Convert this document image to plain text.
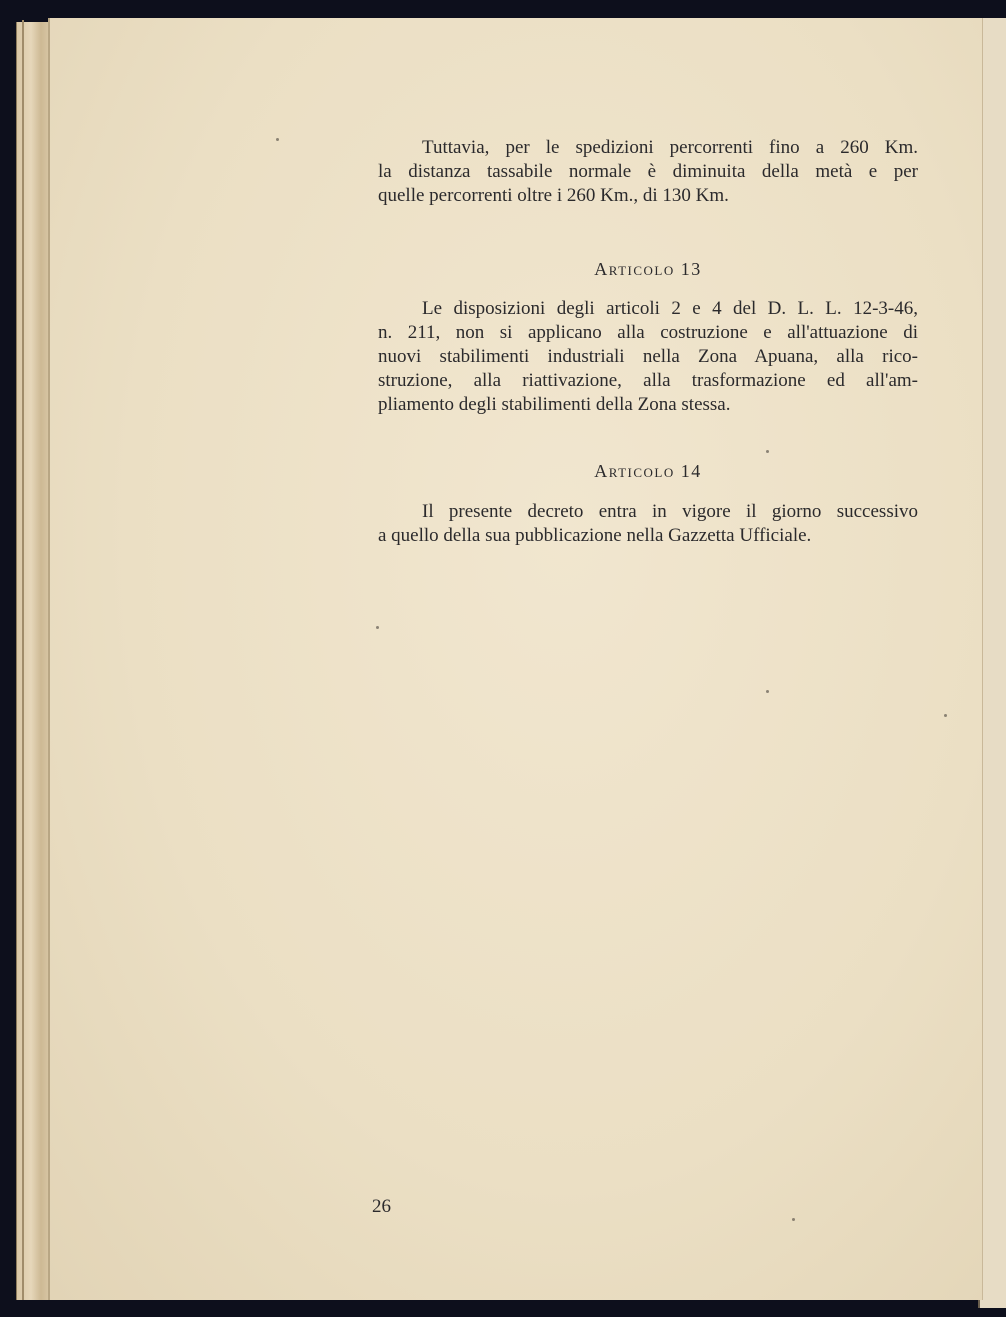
Tuttavia, per le spedizioni percorrenti fino a 260 Km.
la distanza tassabile normale è diminuita della metà e per
quelle percorrenti oltre i 260 Km., di 130 Km.
Articolo 13
Le disposizioni degli articoli 2 e 4 del D. L. L. 12-3-46,
n. 211, non si applicano alla costruzione e all'attuazione di
nuovi stabilimenti industriali nella Zona Apuana, alla rico-
struzione, alla riattivazione, alla trasformazione ed all'am-
pliamento degli stabilimenti della Zona stessa.
Articolo 14
Il presente decreto entra in vigore il giorno successivo
a quello della sua pubblicazione nella Gazzetta Ufficiale.
26
